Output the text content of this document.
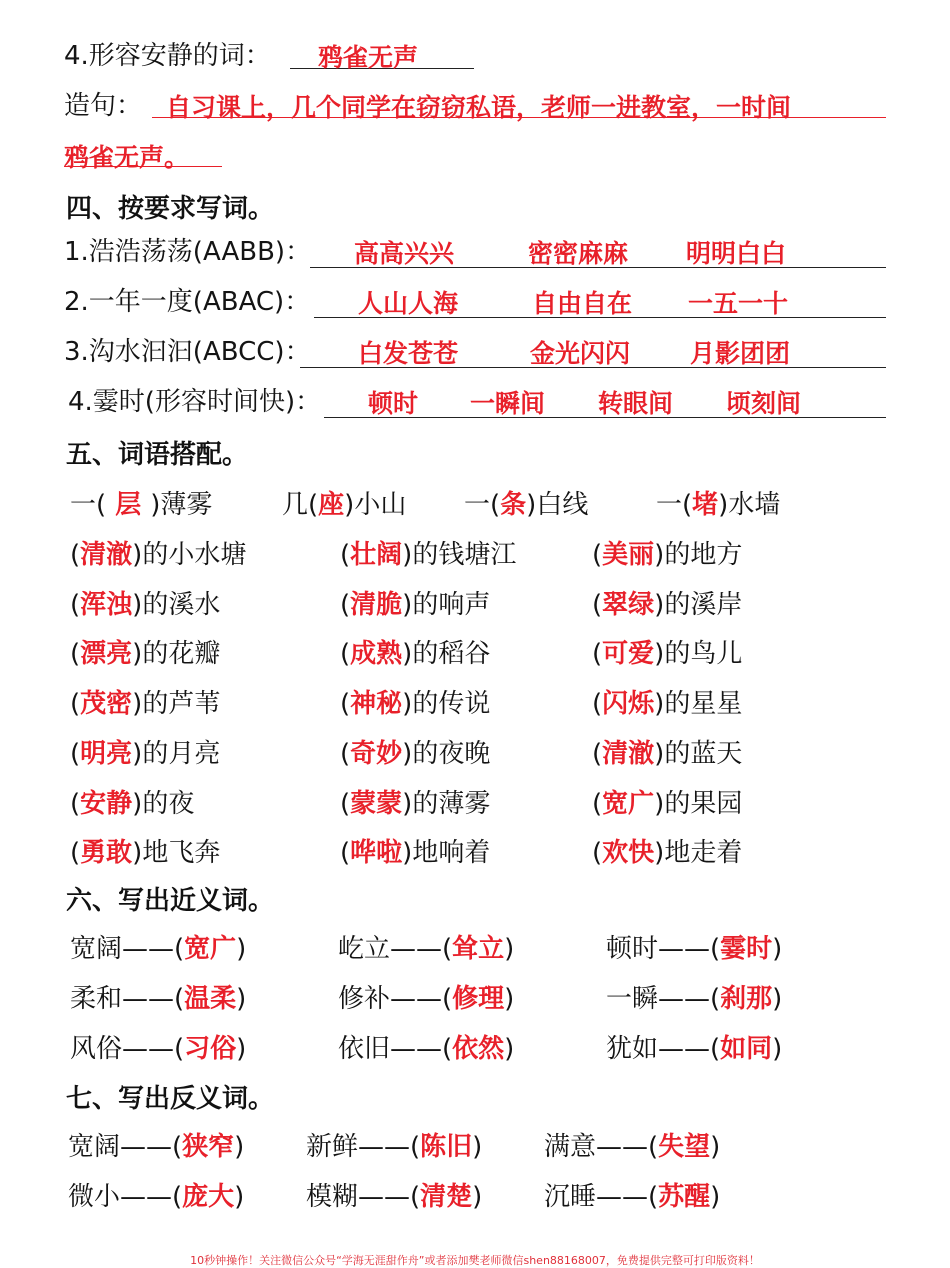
4.形容安静的词： 鸦雀无声
造句： 自习课上，几个同学在窃窃私语，老师一进教室，一时间
鸦雀无声。
四、按要求写词。
1.浩浩荡荡(AABB)： 高高兴兴	密密麻麻 明明白白
2.一年一度(ABAC)： 人山人海	自由自在 一五一十
3.沟水汩汩(ABCC)： 白发苍苍	金光闪闪 月影团团
4.霎时(形容时间快)： 顿时 一瞬间 转眼间 顷刻间
五、词语搭配。
一( 层 )薄雾	几(座)小山 一(条)白线	一(堵)水墙
(清澈)的小水塘	(壮阔)的钱塘江	(美丽)的地方
(浑浊)的溪水	(清脆)的响声	(翠绿)的溪岸
(漂亮)的花瓣	(成熟)的稻谷	(可爱)的鸟儿
(茂密)的芦苇	(神秘)的传说	(闪烁)的星星
(明亮)的月亮	(奇妙)的夜晚	(清澈)的蓝天
(安静)的夜	(蒙蒙)的薄雾	(宽广)的果园
(勇敢)地飞奔	(哗啦)地响着	(欢快)地走着
六、写出近义词。
宽阔——(宽广)	屹立——(耸立)	顿时——(霎时)
柔和——(温柔)	修补——(修理)	一瞬——(刹那)
风俗——(习俗)	依旧——(依然)	犹如——(如同)
七、写出反义词。
宽阔——(狭窄) 新鲜——(陈旧) 满意——(失望)
微小——(庞大) 模糊——(清楚) 沉睡——(苏醒)
10秒钟操作！关注微信公众号“学海无涯甜作舟”或者添加樊老师微信shen88168007，免费提供完整可打印版资料！
